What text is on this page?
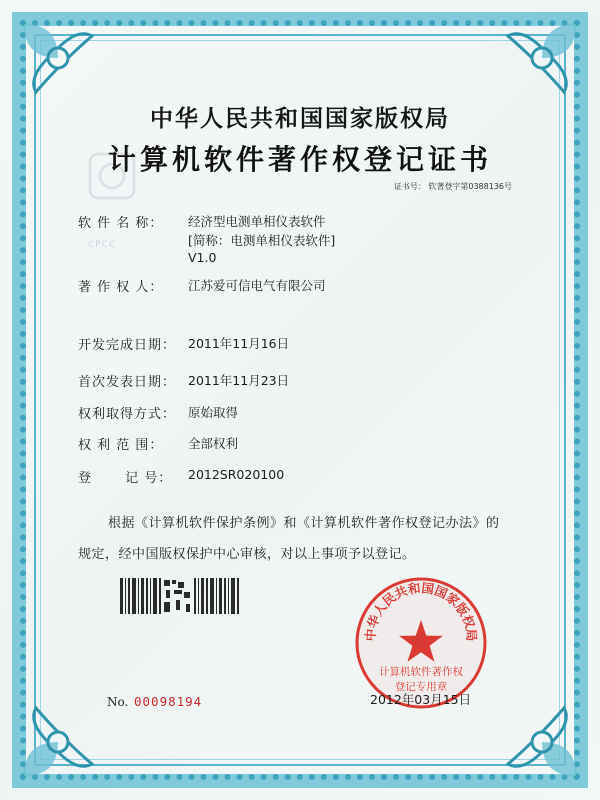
CPCC
中华人民共和国国家版权局
计算机软件著作权登记证书
证书号： 软著登字第0388136号
软 件 名 称： 经济型电测单相仪表软件
[简称：电测单相仪表软件]
V1.0
著 作 权 人： 江苏爱可信电气有限公司
开发完成日期： 2011年11月16日
首次发表日期： 2011年11月23日
权利取得方式： 原始取得
权 利 范 围： 全部权利
登　　 记 号： 2012SR020100
根据《计算机软件保护条例》和《计算机软件著作权登记办法》的
规定，经中国版权保护中心审核，对以上事项予以登记。
No. 00098194
中华人民共和国国家版权局
计算机软件著作权
登记专用章
2012年03月15日
